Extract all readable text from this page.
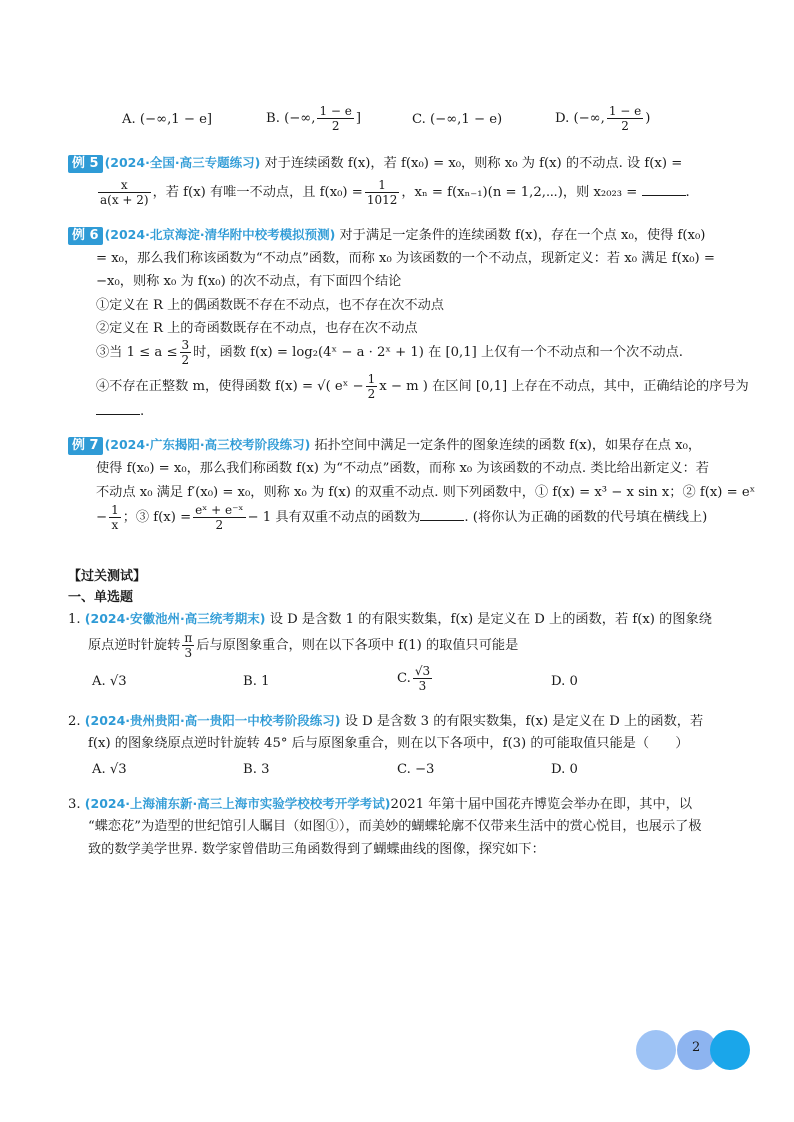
A. (−∞,1 − e]	B. (−∞, $\frac{1 - e}{2}$ ]	C. (−∞,1 − e)	D. (−∞, $\frac{1 - e}{2}$ )
例 5 (2024·全国·高三专题练习) 对于连续函数 f(x)，若 f(x₀) = x₀，则称 x₀ 为 f(x) 的不动点. 设 f(x) =
$\frac{x}{a(x + 2)}$ ，若 f(x) 有唯一不动点，且 $f(x_0) = \frac{1}{1012}$ ，xₙ = f(xₙ₋₁)(n = 1,2,⋯)，则 x₂₀₂₃ =	.
例 6 (2024·北京海淀·清华附中校考模拟预测) 对于满足一定条件的连续函数 f(x)，存在一个点 x₀，使得 f(x₀)
= x₀，那么我们称该函数为“不动点”函数，而称 x₀ 为该函数的一个不动点，现新定义：若 x₀ 满足 f(x₀) =
−x₀，则称 x₀ 为 f(x₀) 的次不动点，有下面四个结论
①定义在 R 上的偶函数既不存在不动点，也不存在次不动点
②定义在 R 上的奇函数既存在不动点，也存在次不动点
③当 $1 \le a \le \frac{3}{2}$ 时，函数 f(x) = log₂(4ˣ − a · 2ˣ + 1) 在 [0,1] 上仅有一个不动点和一个次不动点.
④不存在正整数 m，使得函数 f(x) = √( eˣ − $\frac{1}{2}$ x − m ) 在区间 [0,1] 上存在不动点，其中，正确结论的序号为
.
例 7 (2024·广东揭阳·高三校考阶段练习) 拓扑空间中满足一定条件的图象连续的函数 f(x)，如果存在点 x₀，
使得 f(x₀) = x₀，那么我们称函数 f(x) 为“不动点”函数，而称 x₀ 为该函数的不动点. 类比给出新定义：若
不动点 x₀ 满足 f′(x₀) = x₀，则称 x₀ 为 f(x) 的双重不动点. 则下列函数中，① f(x) = x³ − x sin x；② f(x) = eˣ
− $\frac{1}{x}$ ；③ $f(x) = \frac{\text{eˣ + e⁻ˣ}}{2} - 1$ 具有双重不动点的函数为	. (将你认为正确的函数的代号填在横线上)
【过关测试】
一、单选题
1. (2024·安徽池州·高三统考期末) 设 D 是含数 1 的有限实数集，f(x) 是定义在 D 上的函数，若 f(x) 的图象绕
原点逆时针旋转 $\frac{\pi}{3}$ 后与原图象重合，则在以下各项中 f(1) 的取值只可能是
A. √3	B. 1	C. $\frac{√3}{3}$	D. 0
2. (2024·贵州贵阳·高一贵阳一中校考阶段练习) 设 D 是含数 3 的有限实数集，f(x) 是定义在 D 上的函数，若
f(x) 的图象绕原点逆时针旋转 45° 后与原图象重合，则在以下各项中，f(3) 的可能取值只能是（　　）
A. √3	B. 3	C. −3	D. 0
3. (2024·上海浦东新·高三上海市实验学校校考开学考试)2021 年第十届中国花卉博览会举办在即，其中，以
“蝶恋花”为造型的世纪馆引人瞩目（如图①），而美妙的蝴蝶轮廓不仅带来生活中的赏心悦目，也展示了极
致的数学美学世界. 数学家曾借助三角函数得到了蝴蝶曲线的图像，探究如下：
2
